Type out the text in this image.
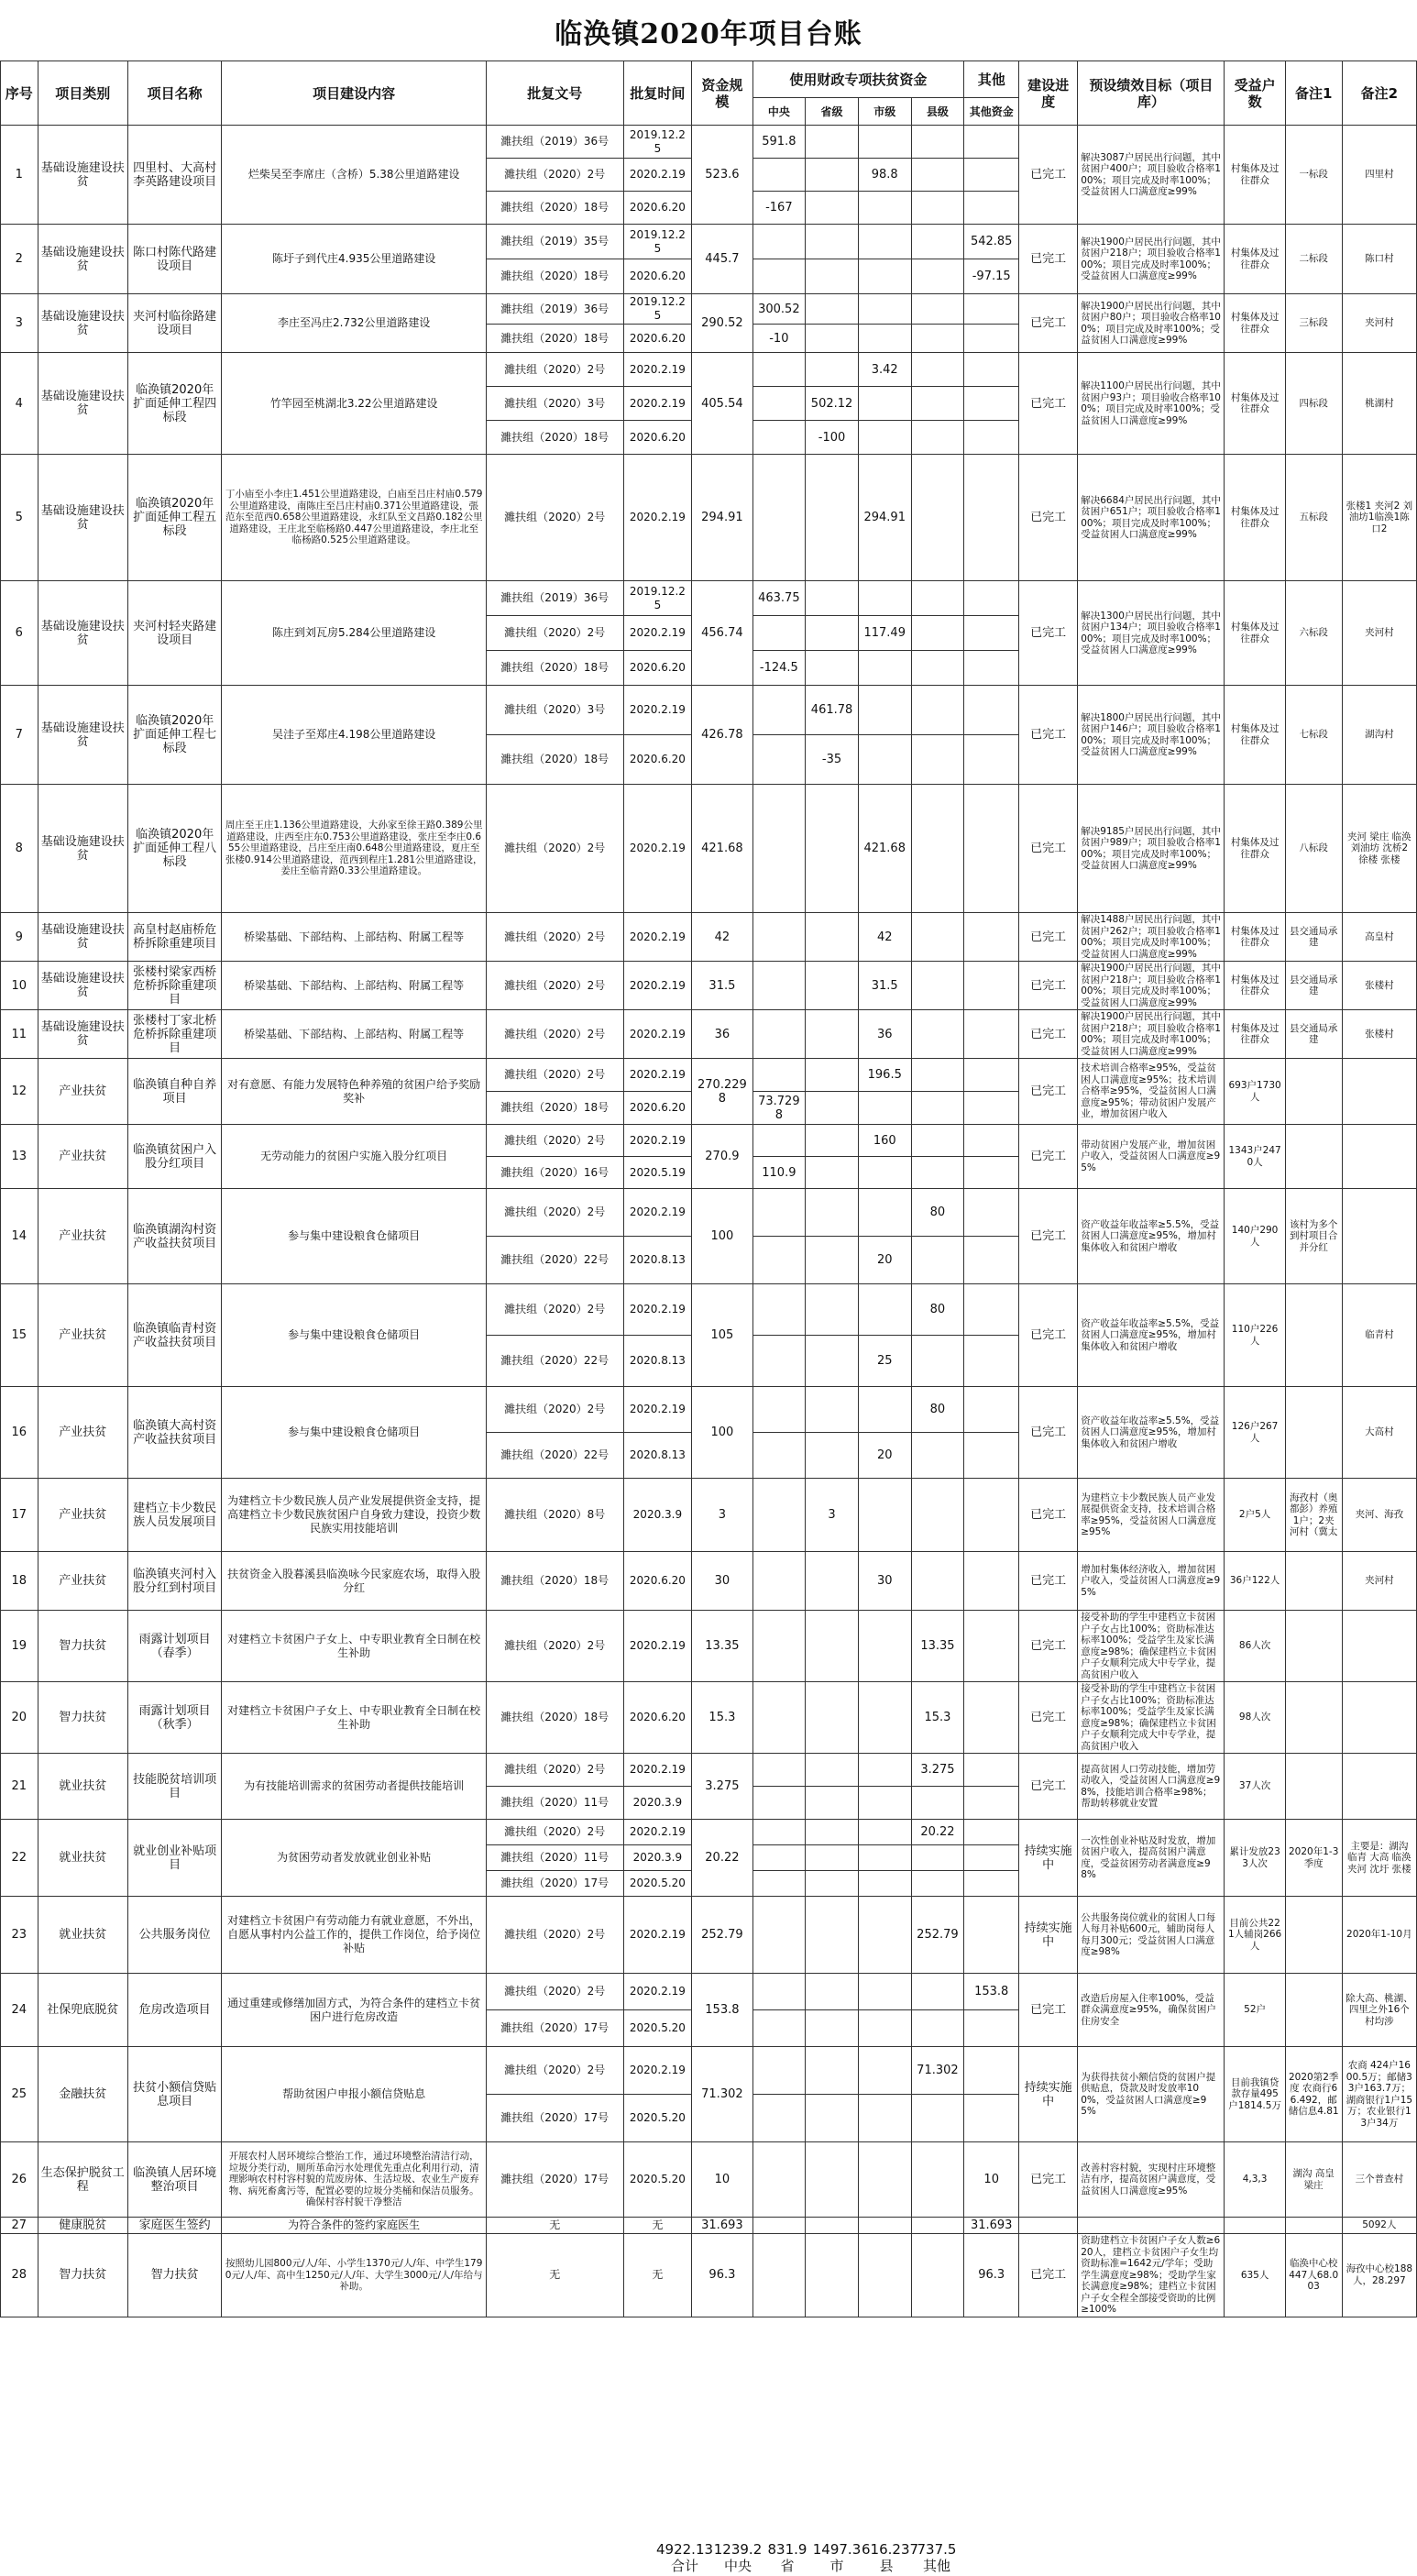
临涣镇2020年项目台账
序号	项目类别	项目名称	项目建设内容	批复文号	批复时间	资金规模	使用财政专项扶贫资金				其他	建设进度	预设绩效目标（项目库）	受益户数	备注1	备注2
							中央	省级	市级	县级	其他资金					
1	基础设施建设扶贫	四里村、大高村李英路建设项目	烂柴吴至李席庄（含桥）5.38公里道路建设	濉扶组（2019）36号	2019.12.25	523.6	591.8					已完工	解决3087户居民出行问题，其中贫困户400户；项目验收合格率100%；项目完成及时率100%；受益贫困人口满意度≥99%	村集体及过往群众	一标段	四里村
				濉扶组（2020）2号	2020.2.19				98.8							
				濉扶组（2020）18号	2020.6.20		-167									
2	基础设施建设扶贫	陈口村陈代路建设项目	陈圩子到代庄4.935公里道路建设	濉扶组（2019）35号	2019.12.25	445.7					542.85	已完工	解决1900户居民出行问题，其中贫困户218户；项目验收合格率100%；项目完成及时率100%；受益贫困人口满意度≥99%	村集体及过往群众	二标段	陈口村
				濉扶组（2020）18号	2020.6.20						-97.15					
3	基础设施建设扶贫	夹河村临徐路建设项目	李庄至冯庄2.732公里道路建设	濉扶组（2019）36号	2019.12.25	290.52	300.52					已完工	解决1900户居民出行问题，其中贫困户80户；项目验收合格率100%；项目完成及时率100%；受益贫困人口满意度≥99%	村集体及过往群众	三标段	夹河村
				濉扶组（2020）18号	2020.6.20		-10									
4	基础设施建设扶贫	临涣镇2020年扩面延伸工程四标段	竹竿园至桃湖北3.22公里道路建设	濉扶组（2020）2号	2020.2.19	405.54			3.42			已完工	解决1100户居民出行问题，其中贫困户93户；项目验收合格率100%；项目完成及时率100%；受益贫困人口满意度≥99%	村集体及过往群众	四标段	桃湖村
				濉扶组（2020）3号	2020.2.19			502.12								
				濉扶组（2020）18号	2020.6.20			-100								
5	基础设施建设扶贫	临涣镇2020年扩面延伸工程五标段	丁小庙至小李庄1.451公里道路建设，白庙至吕庄村庙0.579公里道路建设，南陈庄至吕庄村庙0.371公里道路建设，張范东至范西0.658公里道路建设，永红队至文昌路0.182公里道路建设，王庄北至临杨路0.447公里道路建设，李庄北至临杨路0.525公里道路建设。	濉扶组（2020）2号	2020.2.19	294.91			294.91			已完工	解决6684户居民出行问题，其中贫困户651户；项目验收合格率100%；项目完成及时率100%；受益贫困人口满意度≥99%	村集体及过往群众	五标段	张楼1 夹河2 刘油坊1临涣1陈口2
6	基础设施建设扶贫	夹河村轻夹路建设项目	陈庄到刘瓦房5.284公里道路建设	濉扶组（2019）36号	2019.12.25	456.74	463.75					已完工	解决1300户居民出行问题，其中贫困户134户；项目验收合格率100%；项目完成及时率100%；受益贫困人口满意度≥99%	村集体及过往群众	六标段	夹河村
				濉扶组（2020）2号	2020.2.19				117.49							
				濉扶组（2020）18号	2020.6.20		-124.5									
7	基础设施建设扶贫	临涣镇2020年扩面延伸工程七标段	吴洼子至郑庄4.198公里道路建设	濉扶组（2020）3号	2020.2.19	426.78		461.78				已完工	解决1800户居民出行问题，其中贫困户146户；项目验收合格率100%；项目完成及时率100%；受益贫困人口满意度≥99%	村集体及过往群众	七标段	湖沟村
				濉扶组（2020）18号	2020.6.20			-35								
8	基础设施建设扶贫	临涣镇2020年扩面延伸工程八标段	周庄至王庄1.136公里道路建设，大孙家至徐王路0.389公里道路建设，庄西至庄东0.753公里道路建设，张庄至李庄0.655公里道路建设，吕庄至庄南0.648公里道路建设，夏庄至张楼0.914公里道路建设，范西到程庄1.281公里道路建设，姜庄至临青路0.33公里道路建设。	濉扶组（2020）2号	2020.2.19	421.68			421.68			已完工	解决9185户居民出行问题，其中贫困户989户；项目验收合格率100%；项目完成及时率100%；受益贫困人口满意度≥99%	村集体及过往群众	八标段	夹河 梁庄 临涣 刘油坊 沈桥2 徐楼 张楼
9	基础设施建设扶贫	高皇村赵庙桥危桥拆除重建项目	桥梁基础、下部结构、上部结构、附属工程等	濉扶组（2020）2号	2020.2.19	42			42			已完工	解决1488户居民出行问题，其中贫困户262户；项目验收合格率100%；项目完成及时率100%；受益贫困人口满意度≥99%	村集体及过往群众	县交通局承建	高皇村
10	基础设施建设扶贫	张楼村梁家西桥危桥拆除重建项目	桥梁基础、下部结构、上部结构、附属工程等	濉扶组（2020）2号	2020.2.19	31.5			31.5			已完工	解决1900户居民出行问题，其中贫困户218户；项目验收合格率100%；项目完成及时率100%；受益贫困人口满意度≥99%	村集体及过往群众	县交通局承建	张楼村
11	基础设施建设扶贫	张楼村丁家北桥危桥拆除重建项目	桥梁基础、下部结构、上部结构、附属工程等	濉扶组（2020）2号	2020.2.19	36			36			已完工	解决1900户居民出行问题，其中贫困户218户；项目验收合格率100%；项目完成及时率100%；受益贫困人口满意度≥99%	村集体及过往群众	县交通局承建	张楼村
12	产业扶贫	临涣镇自种自养项目	对有意愿、有能力发展特色种养殖的贫困户给予奖励奖补	濉扶组（2020）2号	2020.2.19	270.2298			196.5			已完工	技术培训合格率≥95%，受益贫困人口满意度≥95%；技术培训合格率≥95%，受益贫困人口满意度≥95%；带动贫困户发展产业，增加贫困户收入	693户1730人		
				濉扶组（2020）18号	2020.6.20		73.7298									
13	产业扶贫	临涣镇贫困户入股分红项目	无劳动能力的贫困户实施入股分红项目	濉扶组（2020）2号	2020.2.19	270.9			160			已完工	带动贫困户发展产业，增加贫困户收入，受益贫困人口满意度≥95%	1343户2470人		
				濉扶组（2020）16号	2020.5.19		110.9									
14	产业扶贫	临涣镇湖沟村资产收益扶贫项目	参与集中建设粮食仓储项目	濉扶组（2020）2号	2020.2.19	100				80		已完工	资产收益年收益率≥5.5%，受益贫困人口满意度≥95%，增加村集体收入和贫困户增收	140户290人	该村为多个到村项目合并分红	
				濉扶组（2020）22号	2020.8.13				20							
15	产业扶贫	临涣镇临青村资产收益扶贫项目	参与集中建设粮食仓储项目	濉扶组（2020）2号	2020.2.19	105				80		已完工	资产收益年收益率≥5.5%，受益贫困人口满意度≥95%，增加村集体收入和贫困户增收	110户226人		临青村
				濉扶组（2020）22号	2020.8.13				25							
16	产业扶贫	临涣镇大高村资产收益扶贫项目	参与集中建设粮食仓储项目	濉扶组（2020）2号	2020.2.19	100				80		已完工	资产收益年收益率≥5.5%，受益贫困人口满意度≥95%，增加村集体收入和贫困户增收	126户267人		大高村
				濉扶组（2020）22号	2020.8.13				20							
17	产业扶贫	建档立卡少数民族人员发展项目	为建档立卡少数民族人员产业发展提供资金支持，提高建档立卡少数民族贫困户自身致力建设，投资少数民族实用技能培训	濉扶组（2020）8号	2020.3.9	3		3				已完工	为建档立卡少数民族人员产业发展提供资金支持，技术培训合格率≥95%，受益贫困人口满意度≥95%	2户5人	海孜村（奥都彭）养殖1户；2夹河村（冀太	夹河、海孜
18	产业扶贫	临涣镇夹河村入股分红到村项目	扶贫资金入股暮溪县临涣咏今民家庭农场，取得入股分红	濉扶组（2020）18号	2020.6.20	30			30			已完工	增加村集体经济收入，增加贫困户收入，受益贫困人口满意度≥95%	36户122人		夹河村
19	智力扶贫	雨露计划项目（春季）	对建档立卡贫困户子女上、中专职业教育全日制在校生补助	濉扶组（2020）2号	2020.2.19	13.35				13.35		已完工	接受补助的学生中建档立卡贫困户子女占比100%；资助标准达标率100%；受益学生及家长满意度≥98%；确保建档立卡贫困户子女顺利完成大中专学业，提高贫困户收入	86人次		
20	智力扶贫	雨露计划项目（秋季）	对建档立卡贫困户子女上、中专职业教育全日制在校生补助	濉扶组（2020）18号	2020.6.20	15.3				15.3		已完工	接受补助的学生中建档立卡贫困户子女占比100%；资助标准达标率100%；受益学生及家长满意度≥98%；确保建档立卡贫困户子女顺利完成大中专学业，提高贫困户收入	98人次		
21	就业扶贫	技能脱贫培训项目	为有技能培训需求的贫困劳动者提供技能培训	濉扶组（2020）2号	2020.2.19	3.275				3.275		已完工	提高贫困人口劳动技能，增加劳动收入，受益贫困人口满意度≥98%，技能培训合格率≥98%；帮助转移就业安置	37人次		
				濉扶组（2020）11号	2020.3.9											
22	就业扶贫	就业创业补贴项目	为贫困劳动者发放就业创业补贴	濉扶组（2020）2号	2020.2.19	20.22				20.22		持续实施中	一次性创业补贴及时发放，增加贫困户收入，提高贫困户满意度，受益贫困劳动者满意度≥98%	累计发放233人次	2020年1-3季度	主要是：湖沟 临青 大高 临涣 夹河 沈圩 张楼
				濉扶组（2020）11号	2020.3.9											
				濉扶组（2020）17号	2020.5.20											
23	就业扶贫	公共服务岗位	对建档立卡贫困户有劳动能力有就业意愿，不外出，自愿从事村内公益工作的，提供工作岗位，给予岗位补贴	濉扶组（2020）2号	2020.2.19	252.79				252.79		持续实施中	公共服务岗位就业的贫困人口每人每月补贴600元，辅助岗每人每月300元；受益贫困人口满意度≥98%	目前公共221人辅岗266人		2020年1-10月
24	社保兜底脱贫	危房改造项目	通过重建或修缮加固方式，为符合条件的建档立卡贫困户进行危房改造	濉扶组（2020）2号	2020.2.19	153.8					153.8	已完工	改造后房屋入住率100%，受益群众满意度≥95%，确保贫困户住房安全	52户		除大高、桃湖、四里之外16个村均涉
				濉扶组（2020）17号	2020.5.20											
25	金融扶贫	扶贫小额信贷贴息项目	帮助贫困户申报小额信贷贴息	濉扶组（2020）2号	2020.2.19	71.302				71.302		持续实施中	为获得扶贫小额信贷的贫困户提供贴息，贷款及时发放率100%，受益贫困人口满意度≥95%	目前我镇贷款存量495户1814.5万	2020第2季度 农商行66.492，邮储信息4.81	农商 424户1600.5万；邮储33户163.7万；湖商银行1户15万；农业银行13户34万
				濉扶组（2020）17号	2020.5.20											
26	生态保护脱贫工程	临涣镇人居环境整治项目	开展农村人居环境综合整治工作，通过环境整治清洁行动，垃圾分类行动，厕所革命污水处理优先重点化利用行动，清理影响农村村容村貌的荒废房体、生活垃圾、农业生产废弃物、病死畜禽污等，配置必要的垃圾分类桶和保洁员服务。确保村容村貌干净整洁	濉扶组（2020）17号	2020.5.20	10					10	已完工	改善村容村貌，实现村庄环境整洁有序，提高贫困户满意度，受益贫困人口满意度≥95%	4,3,3	湖沟 高皇 梁庄	三个普查村
27	健康脱贫	家庭医生签约	为符合条件的签约家庭医生	无	无	31.693					31.693					5092人
28	智力扶贫	智力扶贫	按照幼儿园800元/人/年、小学生1370元/人/年、中学生1790元/人/年、高中生1250元/人/年、大学生3000元/人/年给与补助。	无	无	96.3					96.3	已完工	资助建档立卡贫困户子女人数≥620人，建档立卡贫困户子女生均资助标准=1642元/学年；受助学生满意度≥98%；受助学生家长满意度≥98%；建档立卡贫困户子女全程全部接受资助的比例≥100%	635人	临涣中心校447人68.003	海孜中心校188人，28.297
	4922.13	1239.2	831.9	1497.3	616.237	737.5	
	合计	中央	省	市	县	其他	
